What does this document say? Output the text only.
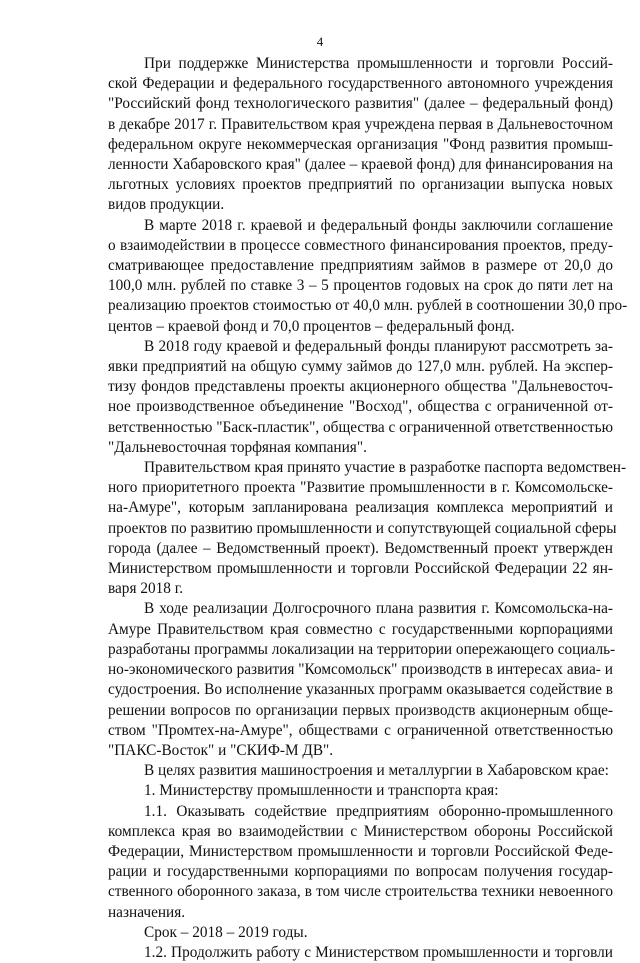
4
При поддержке Министерства промышленности и торговли Россий-
ской Федерации и федерального государственного автономного учреждения
"Российский фонд технологического развития" (далее – федеральный фонд)
в декабре 2017 г. Правительством края учреждена первая в Дальневосточном
федеральном округе некоммерческая организация "Фонд развития промыш-
ленности Хабаровского края" (далее – краевой фонд) для финансирования на
льготных условиях проектов предприятий по организации выпуска новых
видов продукции.
В марте 2018 г. краевой и федеральный фонды заключили соглашение
о взаимодействии в процессе совместного финансирования проектов, преду-
сматривающее предоставление предприятиям займов в размере от 20,0 до
100,0 млн. рублей по ставке 3 – 5 процентов годовых на срок до пяти лет на
реализацию проектов стоимостью от 40,0 млн. рублей в соотношении 30,0 про-
центов – краевой фонд и 70,0 процентов – федеральный фонд.
В 2018 году краевой и федеральный фонды планируют рассмотреть за-
явки предприятий на общую сумму займов до 127,0 млн. рублей. На экспер-
тизу фондов представлены проекты акционерного общества "Дальневосточ-
ное производственное объединение "Восход", общества с ограниченной от-
ветственностью "Баск-пластик", общества с ограниченной ответственностью
"Дальневосточная торфяная компания".
Правительством края принято участие в разработке паспорта ведомствен-
ного приоритетного проекта "Развитие промышленности в г. Комсомольске-
на-Амуре", которым запланирована реализация комплекса мероприятий и
проектов по развитию промышленности и сопутствующей социальной сферы
города (далее – Ведомственный проект). Ведомственный проект утвержден
Министерством промышленности и торговли Российской Федерации 22 ян-
варя 2018 г.
В ходе реализации Долгосрочного плана развития г. Комсомольска-на-
Амуре Правительством края совместно с государственными корпорациями
разработаны программы локализации на территории опережающего социаль-
но-экономического развития "Комсомольск" производств в интересах авиа- и
судостроения. Во исполнение указанных программ оказывается содействие в
решении вопросов по организации первых производств акционерным обще-
ством "Промтех-на-Амуре", обществами с ограниченной ответственностью
"ПАКС-Восток" и "СКИФ-М ДВ".
В целях развития машиностроения и металлургии в Хабаровском крае:
1. Министерству промышленности и транспорта края:
1.1. Оказывать содействие предприятиям оборонно-промышленного
комплекса края во взаимодействии с Министерством обороны Российской
Федерации, Министерством промышленности и торговли Российской Феде-
рации и государственными корпорациями по вопросам получения государ-
ственного оборонного заказа, в том числе строительства техники невоенного
назначения.
Срок – 2018 – 2019 годы.
1.2. Продолжить работу с Министерством промышленности и торговли
